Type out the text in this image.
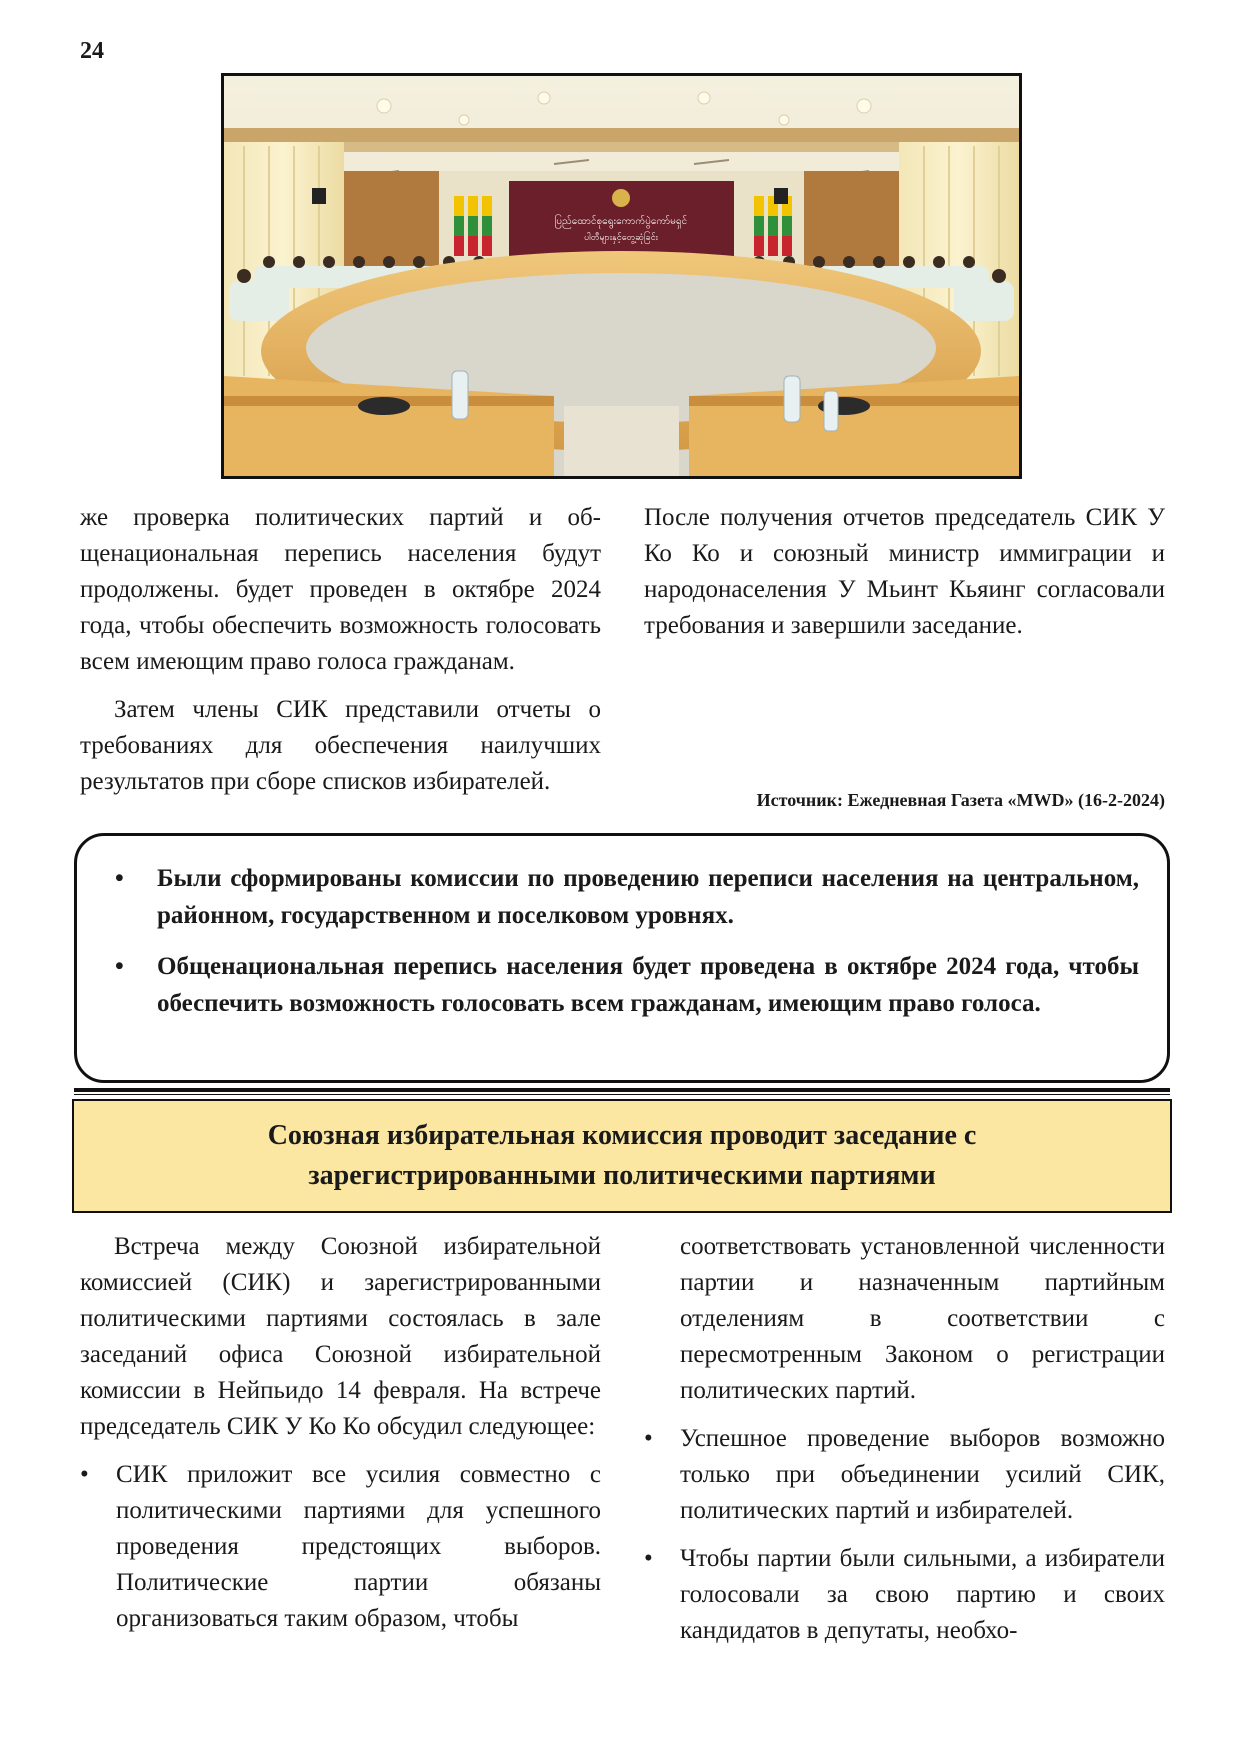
24
ပြည်ထောင်စုရွေးကောက်ပွဲကော်မရှင်
ပါတီများနှင့်တွေ့ဆုံခြင်း

же проверка политических партий и общенациональная перепись населения будут продолжены. будет проведен в октябре 2024 года, чтобы обеспечить возможность голосовать всем имеющим право голоса гражданам.

Затем члены СИК представили отчеты о требованиях для обеспечения наилучших результатов при сборе списков избирателей.

После получения отчетов председатель СИК У Ко Ко и союзный министр иммиграции и народонаселения У Мьинт Кьяинг согласовали требования и завершили заседание.

Источник: Ежедневная Газета «MWD» (16-2-2024)
• Были сформированы комиссии по проведению переписи населения на центральном, районном, государственном и поселковом уровнях.
• Общенациональная перепись населения будет проведена в октябре 2024 года, чтобы обеспечить возможность голосовать всем гражданам, имеющим право голоса.
Союзная избирательная комиссия проводит заседание с
зарегистрированными политическими партиями

Встреча между Союзной избирательной комиссией (СИК) и зарегистрированными политическими партиями состоялась в зале заседаний офиса Союзной избирательной комиссии в Нейпьидо 14 февраля. На встрече председатель СИК У Ко Ко обсудил следующее:

• СИК приложит все усилия совместно с политическими партиями для успешного проведения предстоящих выборов. Политические партии обязаны организоваться таким образом, чтобы

соответствовать установленной численности партии и назначенным партийным отделениям в соответствии с пересмотренным Законом о регистрации политических партий.

• Успешное проведение выборов возможно только при объединении усилий СИК, политических партий и избирателей.
• Чтобы партии были сильными, а избиратели голосовали за свою партию и своих кандидатов в депутаты, необхо-
